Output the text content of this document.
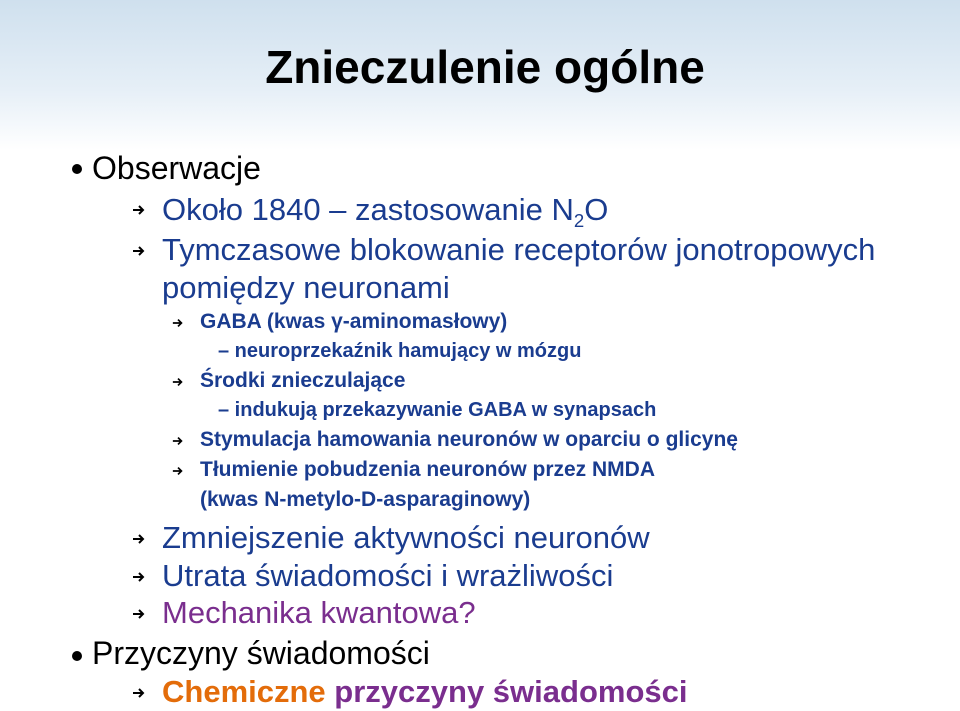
Znieczulenie ogólne
Obserwacje
Około 1840 – zastosowanie $N_2O$
Tymczasowe blokowanie receptorów jonotropowych
pomiędzy neuronami
GABA (kwas γ-aminomasłowy)
– neuroprzekaźnik hamujący w mózgu
Środki znieczulające
– indukują przekazywanie GABA w synapsach
Stymulacja hamowania neuronów w oparciu o glicynę
Tłumienie pobudzenia neuronów przez NMDA
(kwas N-metylo-D-asparaginowy)
Zmniejszenie aktywności neuronów
Utrata świadomości i wrażliwości
Mechanika kwantowa?
Przyczyny świadomości
Chemiczne przyczyny świadomości
